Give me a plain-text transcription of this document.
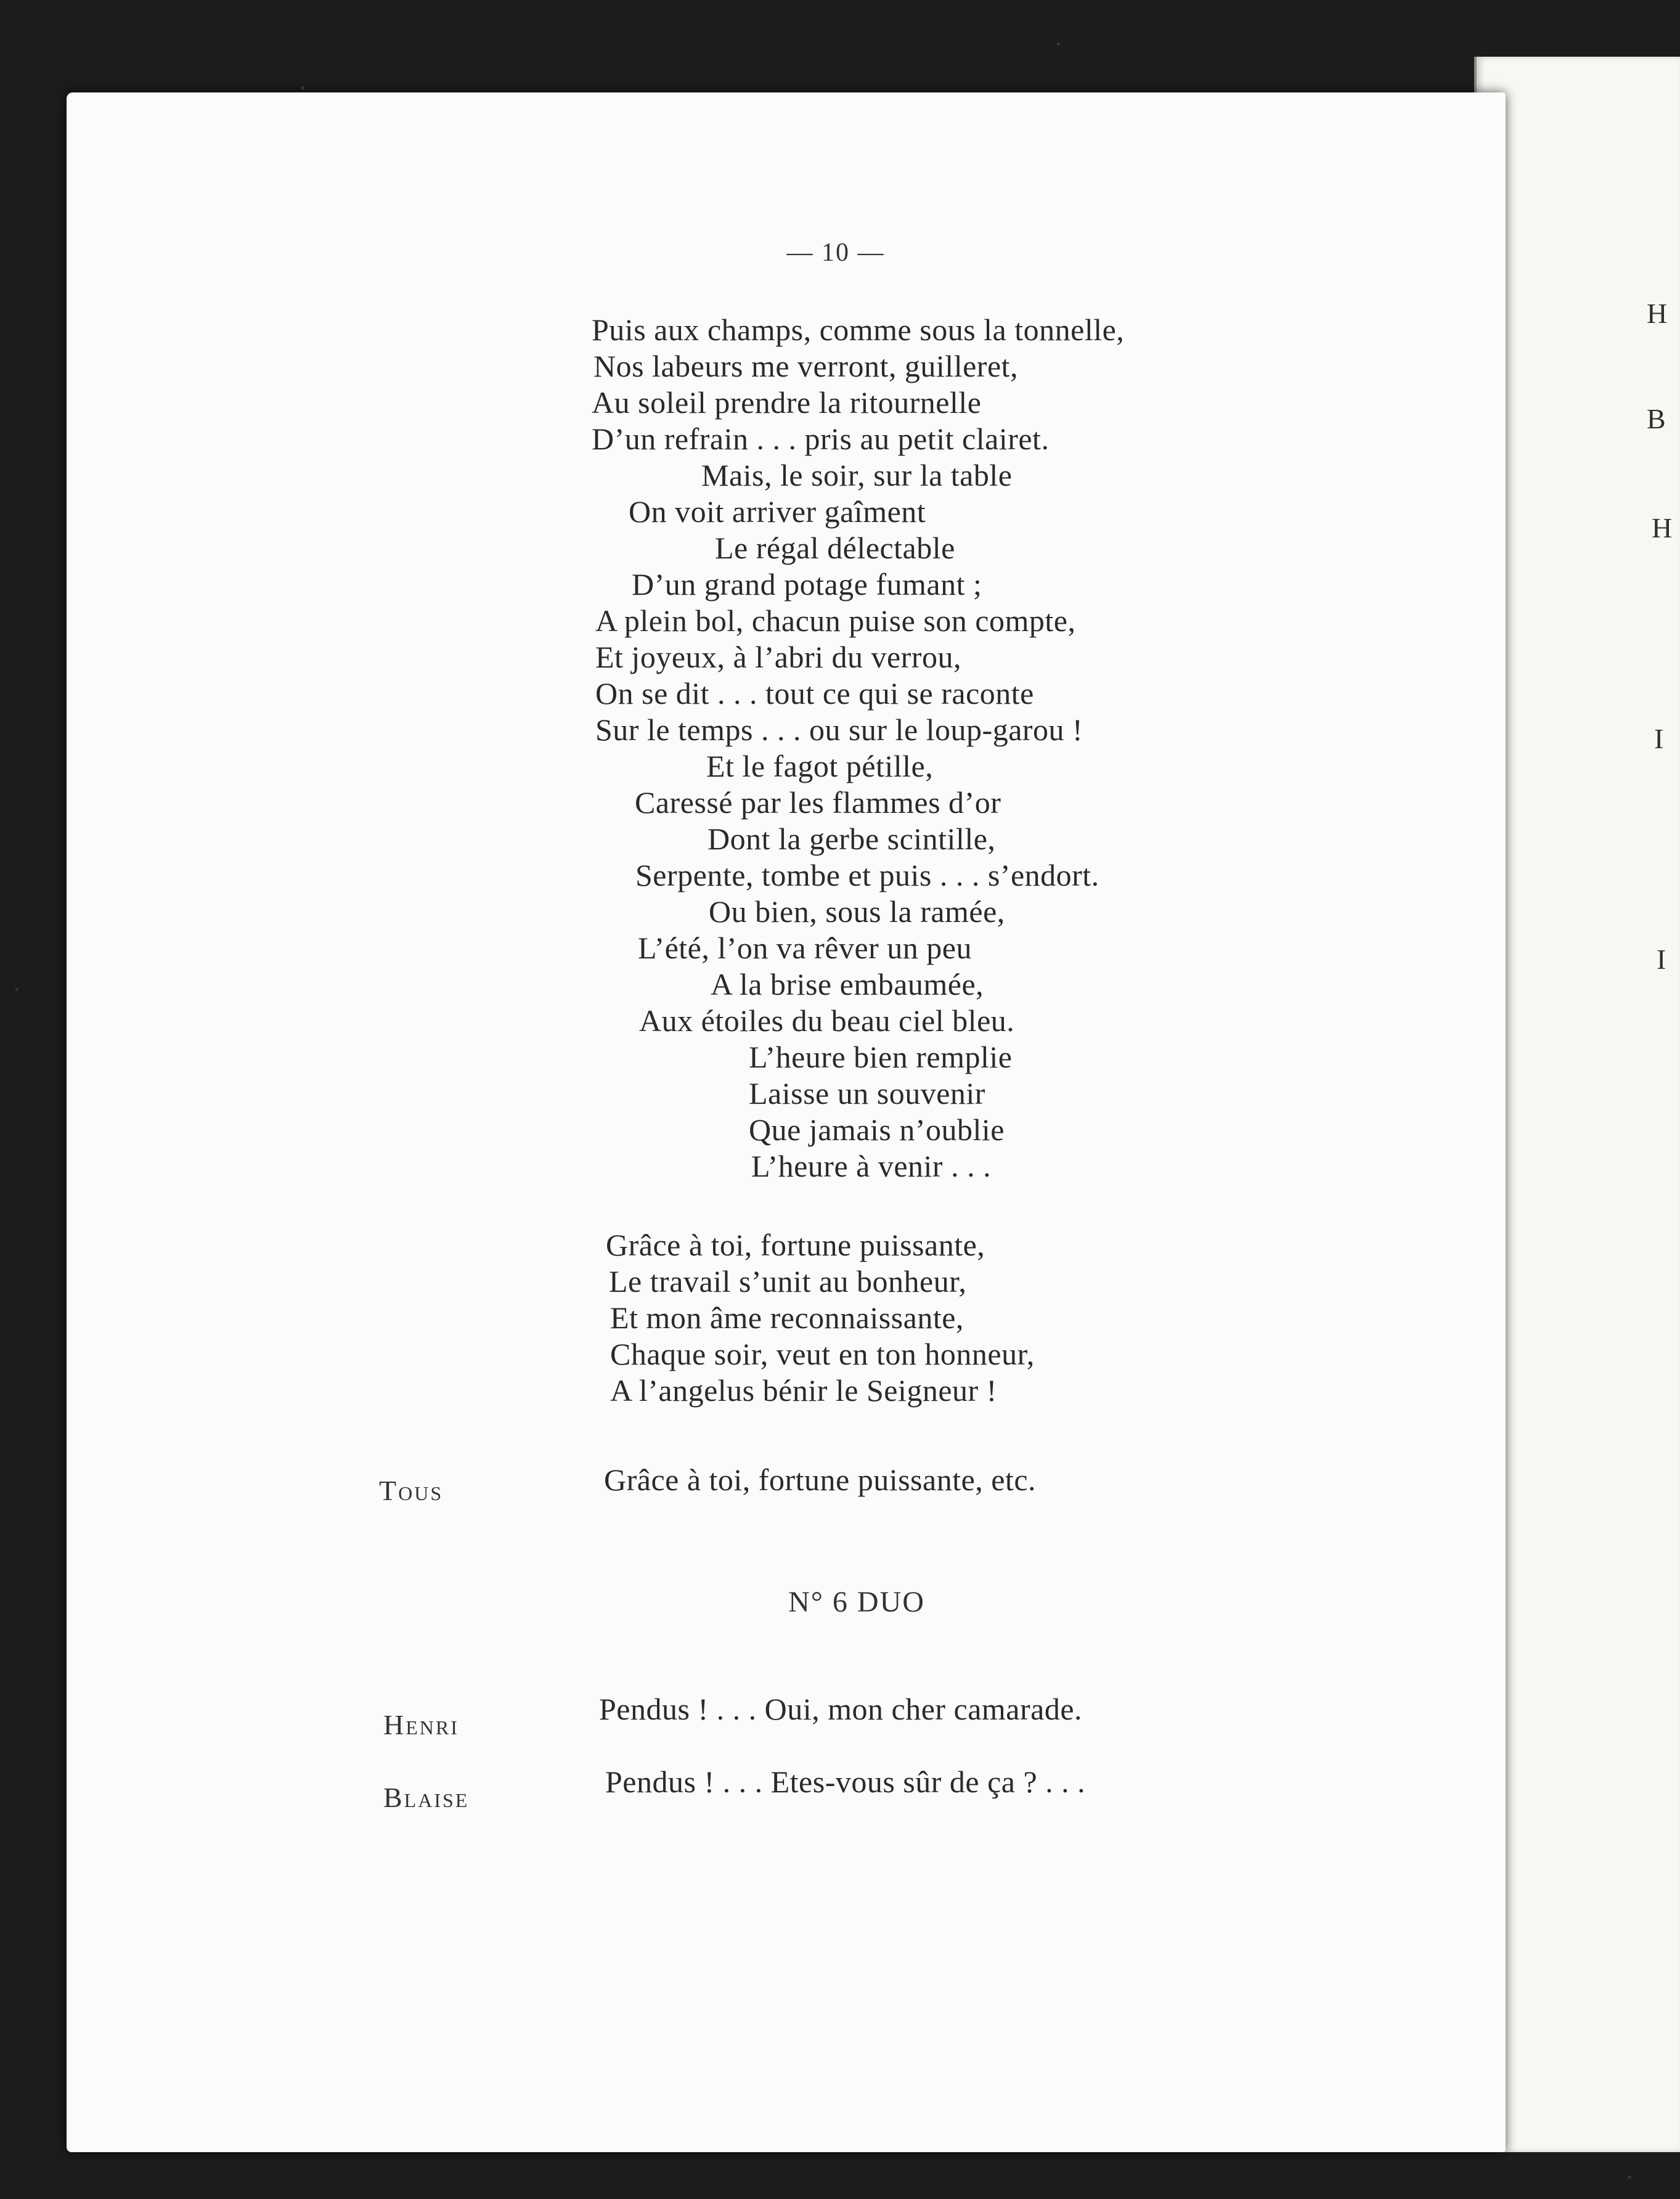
H
B
H
I
I
— 10 —
Puis aux champs, comme sous la tonnelle,
Nos labeurs me verront, guilleret,
Au soleil prendre la ritournelle
D’un refrain . . . pris au petit clairet.
Mais, le soir, sur la table
On voit arriver gaîment
Le régal délectable
D’un grand potage fumant ;
A plein bol, chacun puise son compte,
Et joyeux, à l’abri du verrou,
On se dit . . . tout ce qui se raconte
Sur le temps . . . ou sur le loup-garou !
Et le fagot pétille,
Caressé par les flammes d’or
Dont la gerbe scintille,
Serpente, tombe et puis . . . s’endort.
Ou bien, sous la ramée,
L’été, l’on va rêver un peu
A la brise embaumée,
Aux étoiles du beau ciel bleu.
L’heure bien remplie
Laisse un souvenir
Que jamais n’oublie
L’heure à venir . . .
Grâce à toi, fortune puissante,
Le travail s’unit au bonheur,
Et mon âme reconnaissante,
Chaque soir, veut en ton honneur,
A l’angelus bénir le Seigneur !
Tous	Grâce à toi, fortune puissante, etc.
N° 6 DUO
Henri	Pendus ! . . . Oui, mon cher camarade.
Blaise	Pendus ! . . . Etes-vous sûr de ça ? . . .
